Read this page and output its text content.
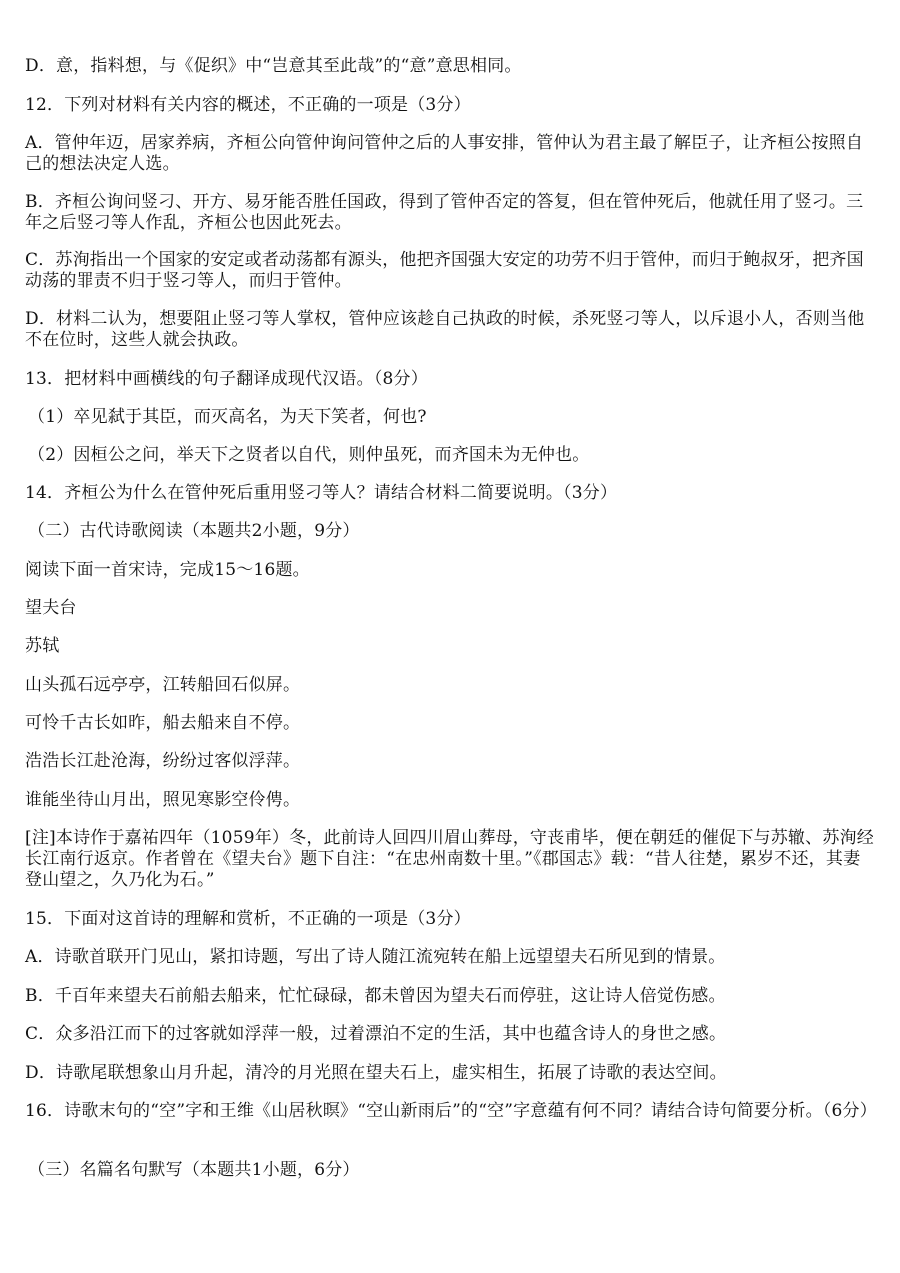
D．意，指料想，与《促织》中“岂意其至此哉”的“意”意思相同。

12．下列对材料有关内容的概述，不正确的一项是（3分）

A．管仲年迈，居家养病，齐桓公向管仲询问管仲之后的人事安排，管仲认为君主最了解臣子，让齐桓公按照自己的想法决定人选。

B．齐桓公询问竖刁、开方、易牙能否胜任国政，得到了管仲否定的答复，但在管仲死后，他就任用了竖刁。三年之后竖刁等人作乱，齐桓公也因此死去。

C．苏洵指出一个国家的安定或者动荡都有源头，他把齐国强大安定的功劳不归于管仲，而归于鲍叔牙，把齐国动荡的罪责不归于竖刁等人，而归于管仲。

D．材料二认为，想要阻止竖刁等人掌权，管仲应该趁自己执政的时候，杀死竖刁等人，以斥退小人，否则当他不在位时，这些人就会执政。

13．把材料中画横线的句子翻译成现代汉语。（8分）

（1）卒见弑于其臣，而灭高名，为天下笑者，何也?

（2）因桓公之问，举天下之贤者以自代，则仲虽死，而齐国未为无仲也。

14．齐桓公为什么在管仲死后重用竖刁等人？请结合材料二简要说明。（3分）

（二）古代诗歌阅读（本题共2小题，9分）

阅读下面一首宋诗，完成15～16题。

望夫台

苏轼

山头孤石远亭亭，江转船回石似屏。

可怜千古长如昨，船去船来自不停。

浩浩长江赴沧海，纷纷过客似浮萍。

谁能坐待山月出，照见寒影空伶俜。

[注]本诗作于嘉祐四年（1059年）冬，此前诗人回四川眉山葬母，守丧甫毕，便在朝廷的催促下与苏辙、苏洵经长江南行返京。作者曾在《望夫台》题下自注：“在忠州南数十里。”《郡国志》载：“昔人往楚，累岁不还，其妻登山望之，久乃化为石。”

15．下面对这首诗的理解和赏析，不正确的一项是（3分）

A．诗歌首联开门见山，紧扣诗题，写出了诗人随江流宛转在船上远望望夫石所见到的情景。

B．千百年来望夫石前船去船来，忙忙碌碌，都未曾因为望夫石而停驻，这让诗人倍觉伤感。

C．众多沿江而下的过客就如浮萍一般，过着漂泊不定的生活，其中也蕴含诗人的身世之感。

D．诗歌尾联想象山月升起，清冷的月光照在望夫石上，虚实相生，拓展了诗歌的表达空间。

16．诗歌末句的“空”字和王维《山居秋暝》“空山新雨后”的“空”字意蕴有何不同？请结合诗句简要分析。（6分）

（三）名篇名句默写（本题共1小题，6分）
